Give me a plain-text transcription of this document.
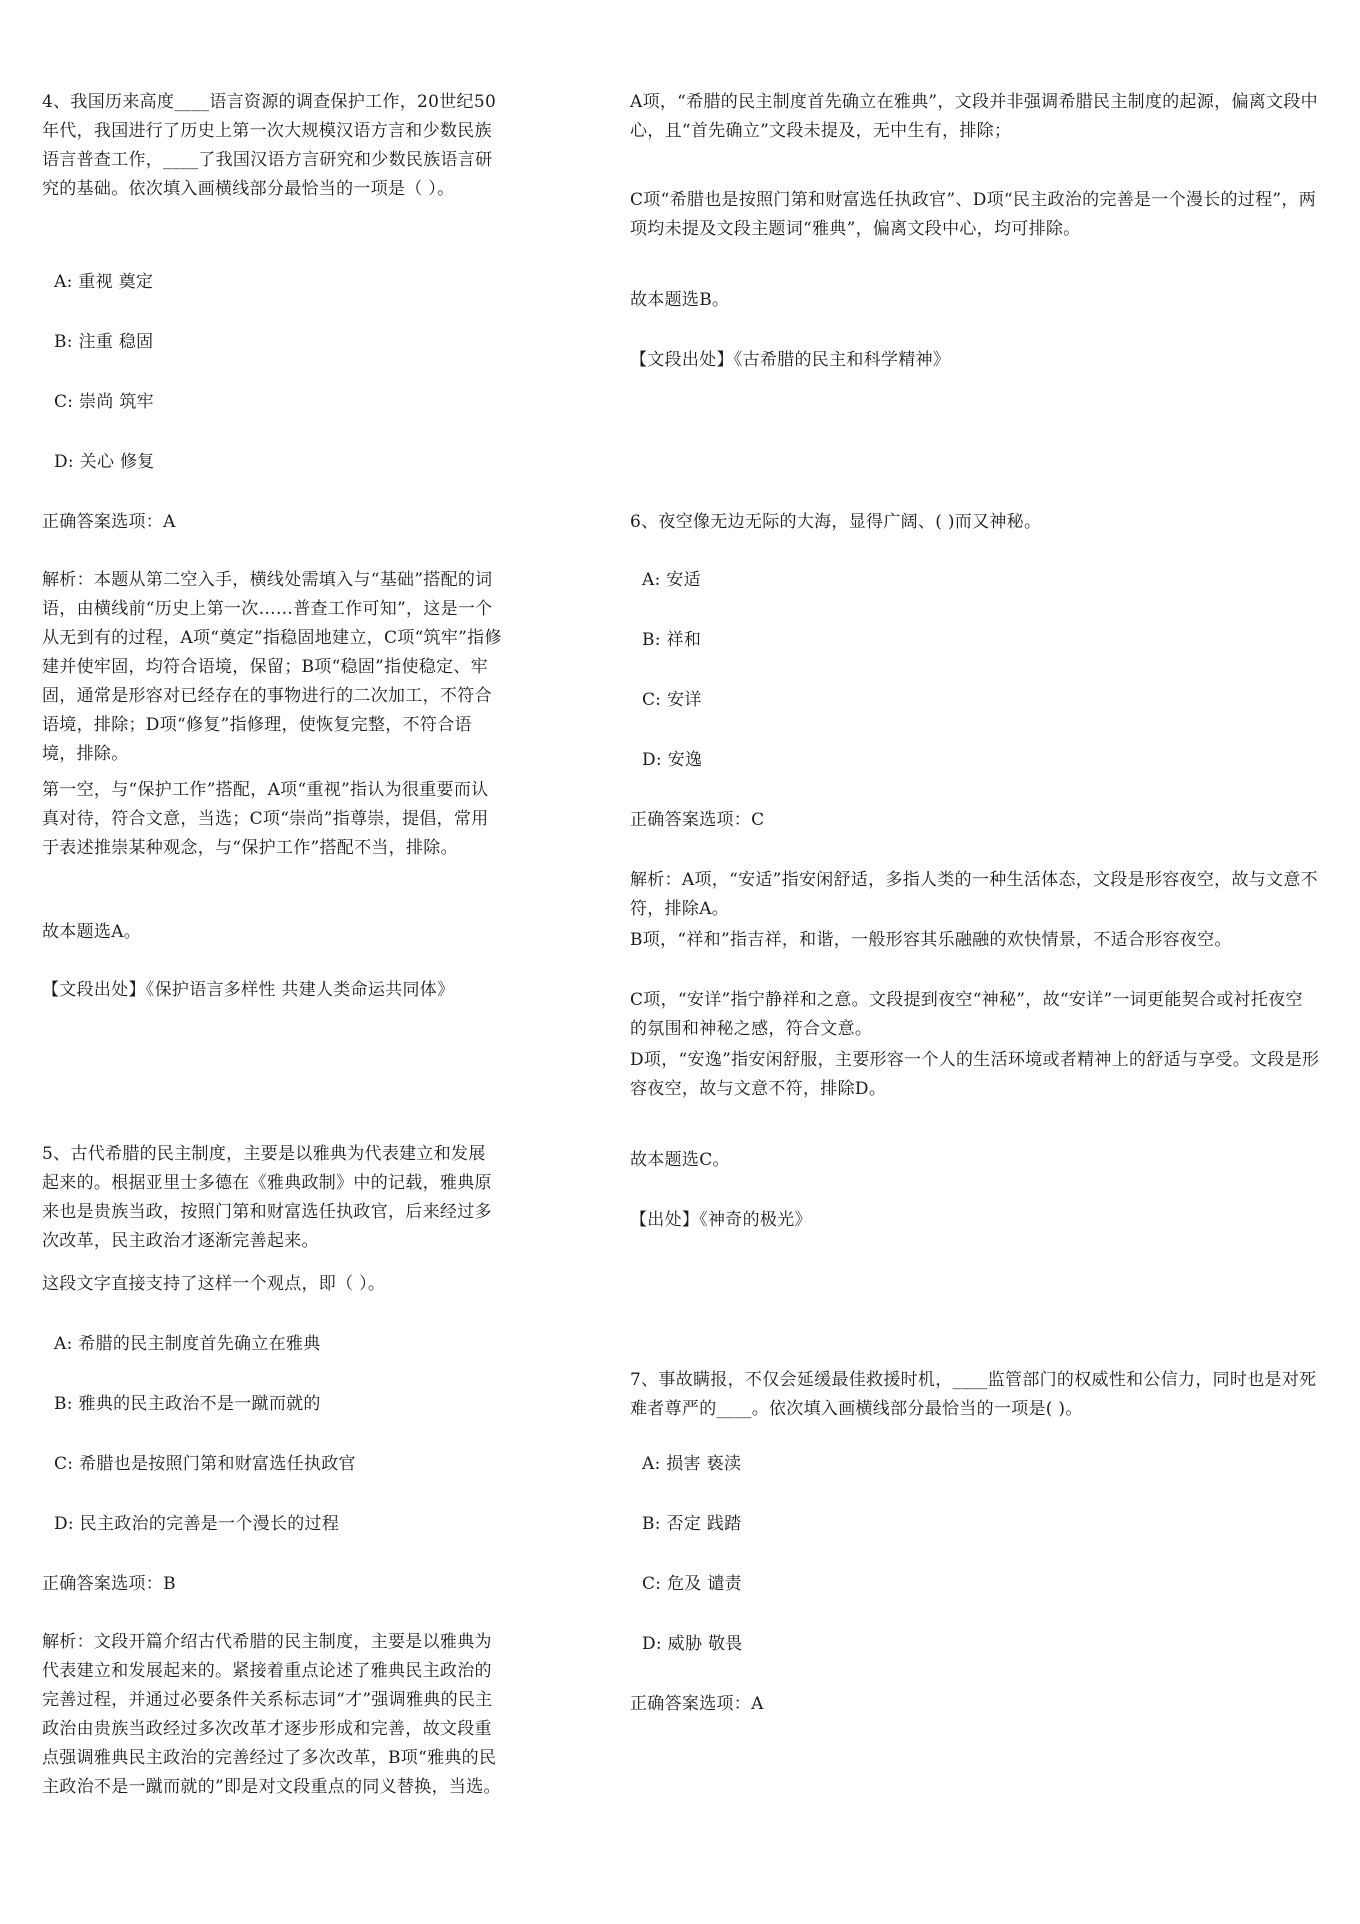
4、我国历来高度____语言资源的调查保护工作，20世纪50年代，我国进行了历史上第一次大规模汉语方言和少数民族语言普查工作，____了我国汉语方言研究和少数民族语言研究的基础。依次填入画横线部分最恰当的一项是（ ）。

A: 重视 奠定

B: 注重 稳固

C: 崇尚 筑牢

D: 关心 修复

正确答案选项：A

解析：本题从第二空入手，横线处需填入与“基础”搭配的词语，由横线前“历史上第一次……普查工作可知”，这是一个从无到有的过程，A项“奠定”指稳固地建立，C项“筑牢”指修建并使牢固，均符合语境，保留；B项“稳固”指使稳定、牢固，通常是形容对已经存在的事物进行的二次加工，不符合语境，排除；D项“修复”指修理，使恢复完整，不符合语境，排除。

第一空，与“保护工作”搭配，A项“重视”指认为很重要而认真对待，符合文意，当选；C项“崇尚”指尊崇，提倡，常用于表述推崇某种观念，与“保护工作”搭配不当，排除。

故本题选A。

【文段出处】《保护语言多样性 共建人类命运共同体》

5、古代希腊的民主制度，主要是以雅典为代表建立和发展起来的。根据亚里士多德在《雅典政制》中的记载，雅典原来也是贵族当政，按照门第和财富选任执政官，后来经过多次改革，民主政治才逐渐完善起来。

这段文字直接支持了这样一个观点，即（ ）。

A: 希腊的民主制度首先确立在雅典

B: 雅典的民主政治不是一蹴而就的

C: 希腊也是按照门第和财富选任执政官

D: 民主政治的完善是一个漫长的过程

正确答案选项：B

解析：文段开篇介绍古代希腊的民主制度，主要是以雅典为代表建立和发展起来的。紧接着重点论述了雅典民主政治的完善过程，并通过必要条件关系标志词“才”强调雅典的民主政治由贵族当政经过多次改革才逐步形成和完善，故文段重点强调雅典民主政治的完善经过了多次改革，B项“雅典的民主政治不是一蹴而就的”即是对文段重点的同义替换，当选。

A项，“希腊的民主制度首先确立在雅典”，文段并非强调希腊民主制度的起源，偏离文段中心，且“首先确立”文段未提及，无中生有，排除；

C项“希腊也是按照门第和财富选任执政官”、D项“民主政治的完善是一个漫长的过程”，两项均未提及文段主题词“雅典”，偏离文段中心，均可排除。

故本题选B。

【文段出处】《古希腊的民主和科学精神》

6、夜空像无边无际的大海，显得广阔、( )而又神秘。

A: 安适

B: 祥和

C: 安详

D: 安逸

正确答案选项：C

解析：A项，“安适”指安闲舒适，多指人类的一种生活体态，文段是形容夜空，故与文意不符，排除A。

B项，“祥和”指吉祥，和谐，一般形容其乐融融的欢快情景，不适合形容夜空。

C项，“安详”指宁静祥和之意。文段提到夜空“神秘”，故“安详”一词更能契合或衬托夜空的氛围和神秘之感，符合文意。

D项，“安逸”指安闲舒服，主要形容一个人的生活环境或者精神上的舒适与享受。文段是形容夜空，故与文意不符，排除D。

故本题选C。

【出处】《神奇的极光》

7、事故瞒报，不仅会延缓最佳救援时机，____监管部门的权威性和公信力，同时也是对死难者尊严的____。依次填入画横线部分最恰当的一项是( )。

A: 损害 亵渎

B: 否定 践踏

C: 危及 谴责

D: 威胁 敬畏

正确答案选项：A
